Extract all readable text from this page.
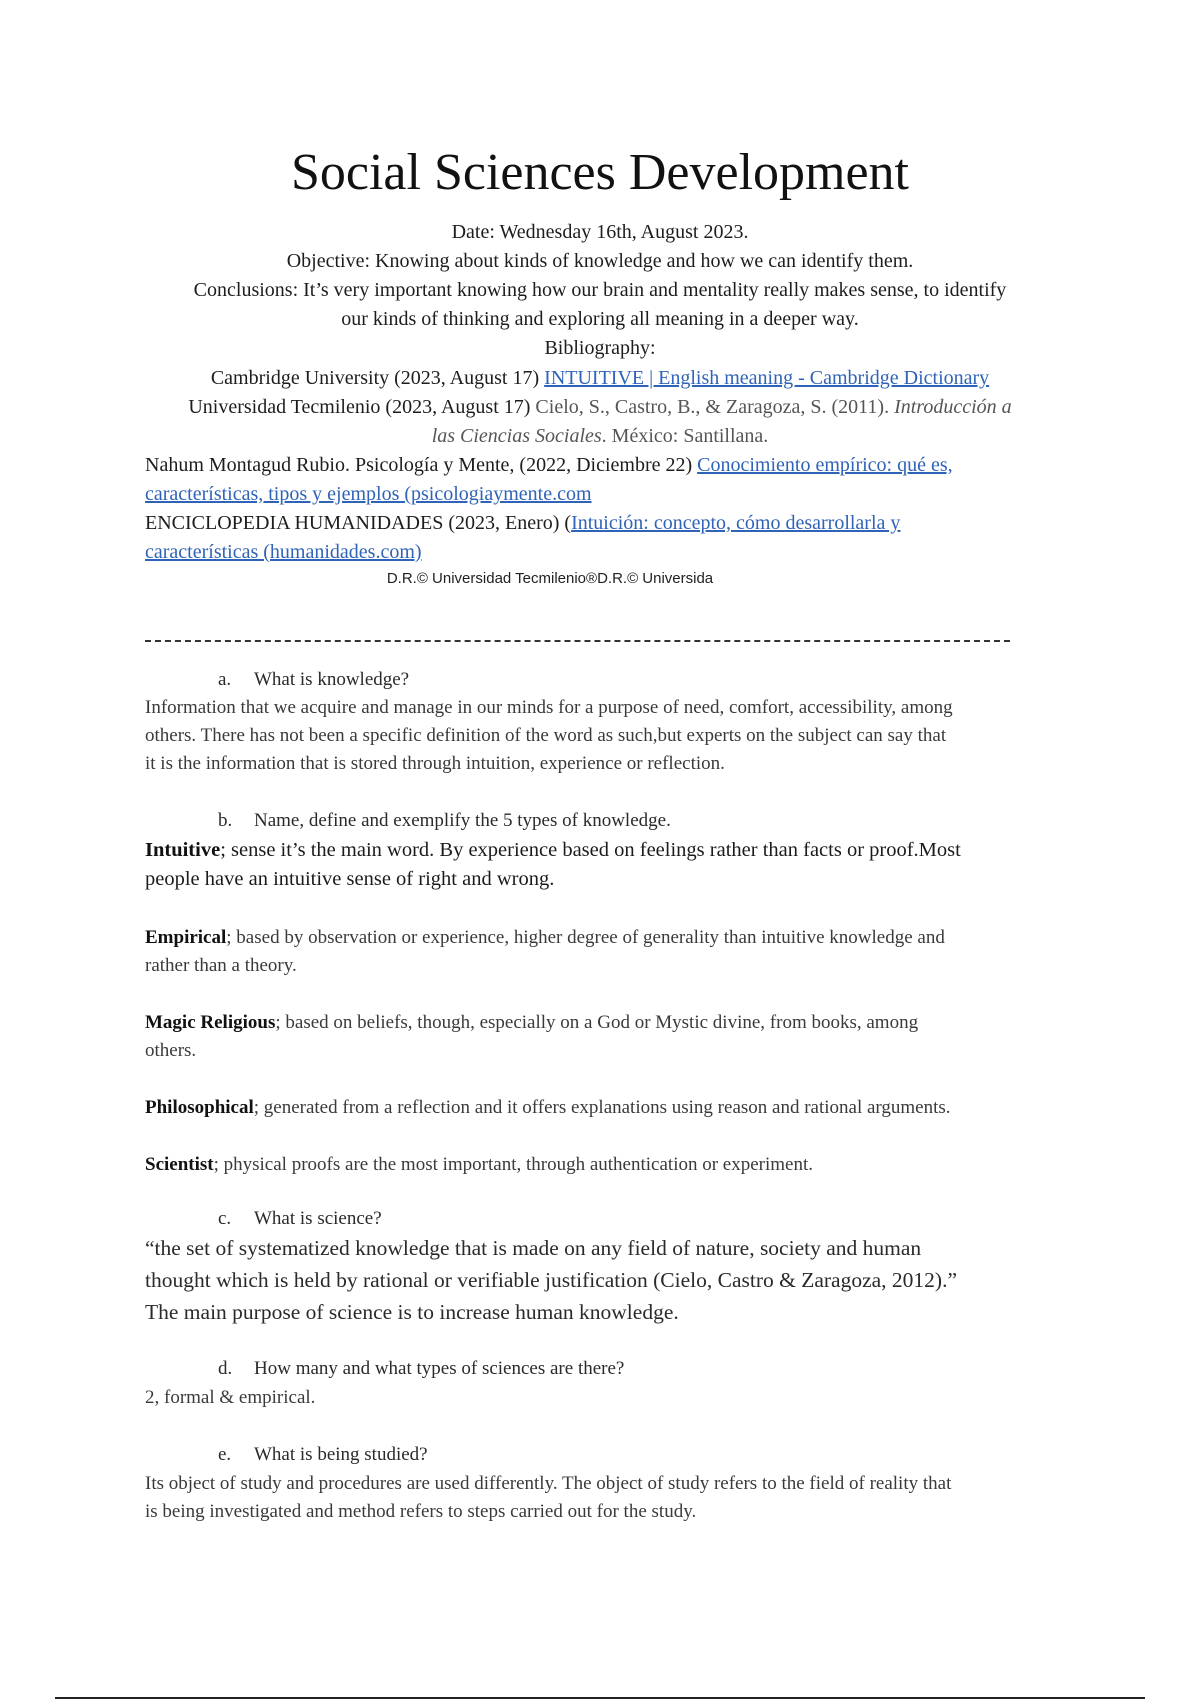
Social Sciences Development
Date: Wednesday 16th, August 2023.
Objective: Knowing about kinds of knowledge and how we can identify them.
Conclusions: It’s very important knowing how our brain and mentality really makes sense, to identify
our kinds of thinking and exploring all meaning in a deeper way.
Bibliography:
Cambridge University (2023, August 17) INTUITIVE | English meaning - Cambridge Dictionary
Universidad Tecmilenio (2023, August 17) Cielo, S., Castro, B., & Zaragoza, S. (2011). Introducción a
las Ciencias Sociales. México: Santillana.
Nahum Montagud Rubio. Psicología y Mente, (2022, Diciembre 22) Conocimiento empírico: qué es,
características, tipos y ejemplos (psicologiaymente.com
ENCICLOPEDIA HUMANIDADES (2023, Enero) (Intuición: concepto, cómo desarrollarla y
características (humanidades.com)
D.R.© Universidad Tecmilenio®D.R.© Universida
a. What is knowledge?
Information that we acquire and manage in our minds for a purpose of need, comfort, accessibility, among
others. There has not been a specific definition of the word as such,but experts on the subject can say that
it is the information that is stored through intuition, experience or reflection.
b. Name, define and exemplify the 5 types of knowledge.
Intuitive; sense it’s the main word. By experience based on feelings rather than facts or proof.Most
people have an intuitive sense of right and wrong.
Empirical; based by observation or experience, higher degree of generality than intuitive knowledge and
rather than a theory.
Magic Religious; based on beliefs, though, especially on a God or Mystic divine, from books, among
others.
Philosophical; generated from a reflection and it offers explanations using reason and rational arguments.
Scientist; physical proofs are the most important, through authentication or experiment.
c. What is science?
“the set of systematized knowledge that is made on any field of nature, society and human
thought which is held by rational or verifiable justification (Cielo, Castro & Zaragoza, 2012).”
The main purpose of science is to increase human knowledge.
d. How many and what types of sciences are there?
2, formal & empirical.
e. What is being studied?
Its object of study and procedures are used differently. The object of study refers to the field of reality that
is being investigated and method refers to steps carried out for the study.
